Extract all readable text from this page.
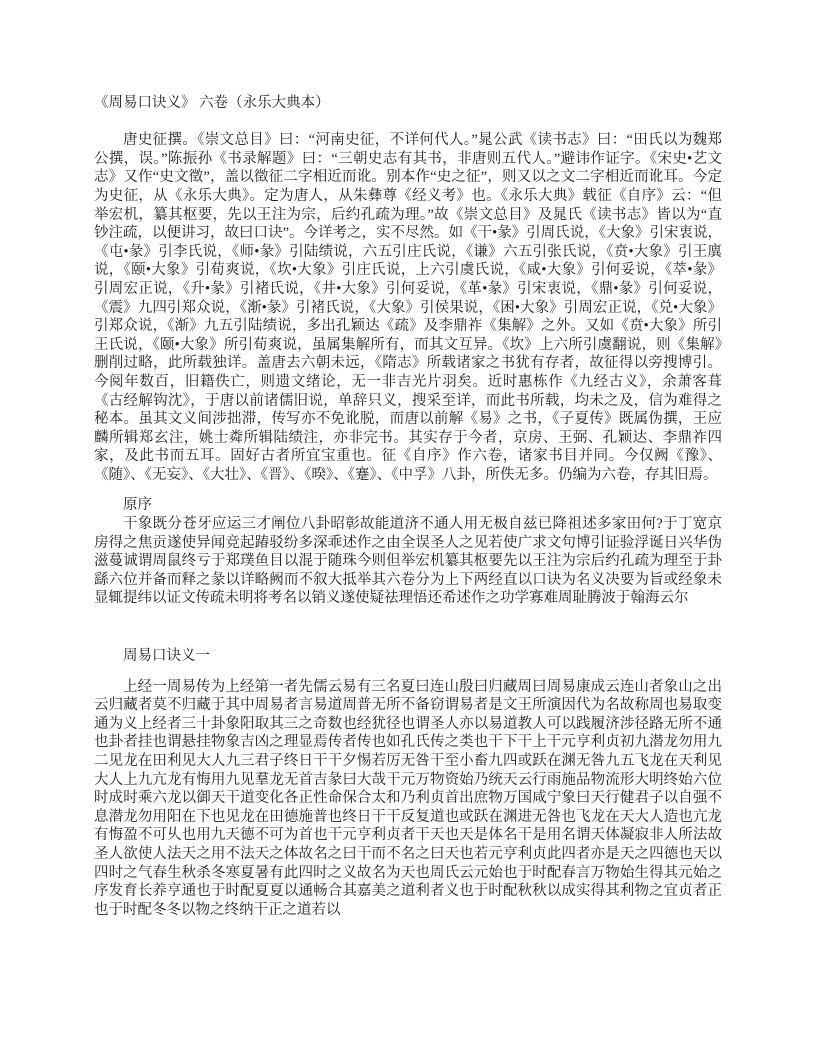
《周易口诀义》 六卷（永乐大典本）

唐史征撰。《崇文总目》曰：“河南史征，不详何代人。”晁公武《读书志》曰：“田氏以为魏郑公撰，误。”陈振孙《书录解题》曰：“三朝史志有其书，非唐则五代人。”避讳作证字。《宋史•艺文志》又作“史文徵”，盖以徵征二字相近而讹。别本作“史之征”，则又以之文二字相近而讹耳。今定为史征，从《永乐大典》。定为唐人，从朱彝尊《经义考》也。《永乐大典》载征《自序》云：“但举宏机，纂其枢要，先以王注为宗，后约孔疏为理。”故《崇文总目》及晁氏《读书志》皆以为“直钞注疏，以便讲习，故曰口诀”。今详考之，实不尽然。如《干•彖》引周氏说，《大象》引宋衷说，《屯•彖》引李氏说，《师•彖》引陆绩说，六五引庄氏说，《谦》六五引张氏说，《贲•大象》引王廙说，《颐•大象》引荀爽说，《坎•大象》引庄氏说，上六引虞氏说，《咸•大象》引何妥说，《萃•彖》引周宏正说，《升•彖》引褚氏说，《井•大象》引何妥说，《革•彖》引宋衷说，《鼎•彖》引何妥说，《震》九四引郑众说，《渐•彖》引褚氏说，《大象》引侯果说，《困•大象》引周宏正说，《兑•大象》引郑众说，《渐》九五引陆绩说，多出孔颖达《疏》及李鼎祚《集解》之外。又如《贲•大象》所引王氏说，《颐•大象》所引荀爽说，虽属集解所有，而其文互异。《坎》上六所引虞翻说，则《集解》删削过略，此所载独详。盖唐去六朝未远，《隋志》所载诸家之书犹有存者，故征得以旁搜博引。今阅年数百，旧籍佚亡，则遗文绪论，无一非吉光片羽矣。近时惠栋作《九经古义》，余萧客葺《古经解钩沈》，于唐以前诸儒旧说，单辞只义，搜采至详，而此书所载，均未之及，信为难得之秘本。虽其文义间涉拙滞，传写亦不免讹脱，而唐以前解《易》之书，《子夏传》既属伪撰，王应麟所辑郑玄注，姚士粦所辑陆绩注，亦非完书。其实存于今者，京房、王弼、孔颖达、李鼎祚四家，及此书而五耳。固好古者所宜宝重也。征《自序》作六卷，诸家书目并同。今仅阙《豫》、《随》、《无妄》、《大壮》、《晋》、《暌》、《蹇》、《中孚》八卦，所佚无多。仍编为六卷，存其旧焉。

原序

干象既分苍牙应运三才阐位八卦昭彰故能道济不通人用无极自兹已降祖述多家田何?于丁宽京房得之焦贡遂使异闻竞起踳驳纷多深乖述作之由全误圣人之见若使广求文句博引证验浮诞日兴华伪滋蔓诚谓周鼠终亏于郑璞鱼目以混于随珠今则但举宏机纂其枢要先以王注为宗后约孔疏为理至于卦繇六位并备而释之彖以详略阙而不叙大抵举其六卷分为上下两经直以口诀为名义决要为旨或经象未显辄提纬以证文传疏未明将考名以销义遂使疑祛理悟还希述作之功学寡难周耻腾波于翰海云尔

周易口诀义一

上经一周易传为上经第一者先儒云易有三名夏曰连山殷曰归藏周曰周易康成云连山者象山之出云归藏者莫不归藏于其中周易者言易道周普无所不备窃谓易者是文王所演因代为名故称周也易取变通为义上经者三十卦象阳取其三之奇数也经犹径也谓圣人亦以易道教人可以践履济涉径路无所不通也卦者挂也谓悬挂物象吉凶之理显焉传者传也如孔氏传之类也干下干上干元亨利贞初九潜龙勿用九二见龙在田利见大人九三君子终日干干夕惕若厉无咎干至小畜九四或跃在渊无咎九五飞龙在天利见大人上九亢龙有悔用九见羣龙无首吉彖曰大哉干元万物资始乃统天云行雨施品物流形大明终始六位时成时乘六龙以御天干道变化各正性命保合太和乃利贞首出庶物万国咸宁象曰天行健君子以自强不息潜龙勿用阳在下也见龙在田德施普也终日干干反复道也或跃在渊进无咎也飞龙在天大人造也亢龙有悔盈不可乆也用九天德不可为首也干元亨利贞者干天也天是体名干是用名谓天体凝寂非人所法故圣人欲使人法天之用不法天之体故名之曰干而不名之曰天也若元亨利贞此四者亦是天之四德也天以四时之气春生秋杀冬寒夏暑有此四时之义故名为天也周氏云元始也于时配春言万物始生得其元始之序发育长养亨通也于时配夏夏以通畅合其嘉美之道利者义也于时配秋秋以成实得其利物之宜贞者正也于时配冬冬以物之终纳干正之道若以
